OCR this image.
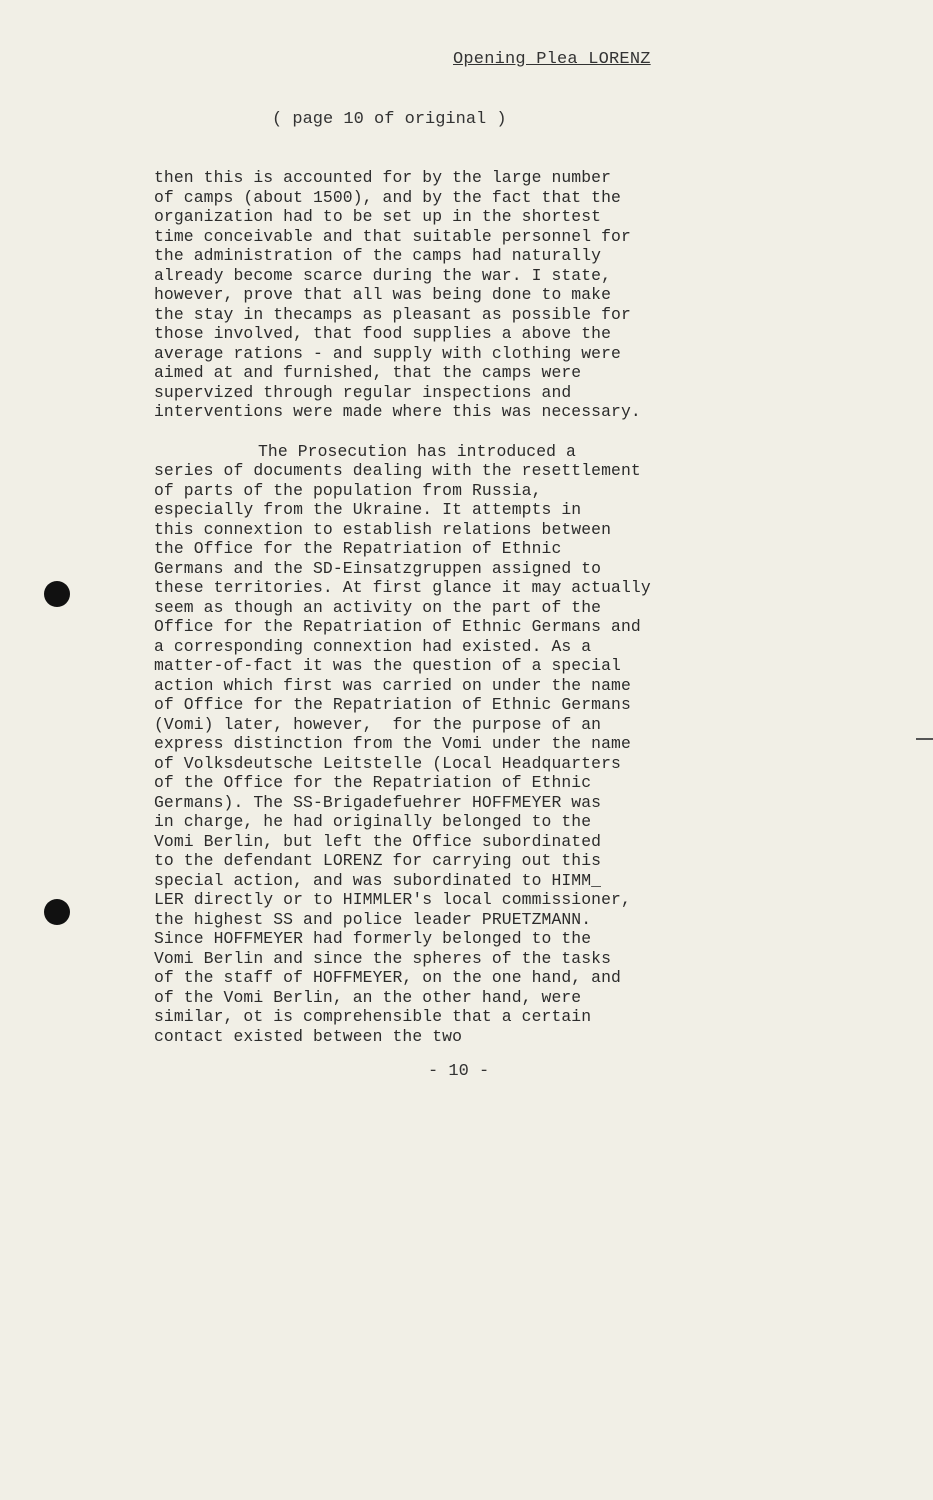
Opening Plea_LORENZ
( page 10 of original )
then this is accounted for by the large number
of camps (about 1500), and by the fact that the
organization had to be set up in the shortest
time conceivable and that suitable personnel for
the administration of the camps had naturally
already become scarce during the war. I state,
however, prove that all was being done to make
the stay in thecamps as pleasant as possible for
those involved, that food supplies a above the
average rations - and supply with clothing were
aimed at and furnished, that the camps were
supervized through regular inspections and
interventions were made where this was necessary.
The Prosecution has introduced a
series of documents dealing with the resettlement
of parts of the population from Russia,
especially from the Ukraine. It attempts in
this connextion to establish relations between
the Office for the Repatriation of Ethnic
Germans and the SD-Einsatzgruppen assigned to
these territories. At first glance it may actually
seem as though an activity on the part of the
Office for the Repatriation of Ethnic Germans and
a corresponding connextion had existed. As a
matter-of-fact it was the question of a special
action which first was carried on under the name
of Office for the Repatriation of Ethnic Germans
(Vomi) later, however,  for the purpose of an
express distinction from the Vomi under the name
of Volksdeutsche Leitstelle (Local Headquarters
of the Office for the Repatriation of Ethnic
Germans). The SS-Brigadefuehrer HOFFMEYER was
in charge, he had originally belonged to the
Vomi Berlin, but left the Office subordinated
to the defendant LORENZ for carrying out this
special action, and was subordinated to HIMM_
LER directly or to HIMMLER's local commissioner,
the highest SS and police leader PRUETZMANN.
Since HOFFMEYER had formerly belonged to the
Vomi Berlin and since the spheres of the tasks
of the staff of HOFFMEYER, on the one hand, and
of the Vomi Berlin, an the other hand, were
similar, ot is comprehensible that a certain
contact existed between the two
- 10 -
